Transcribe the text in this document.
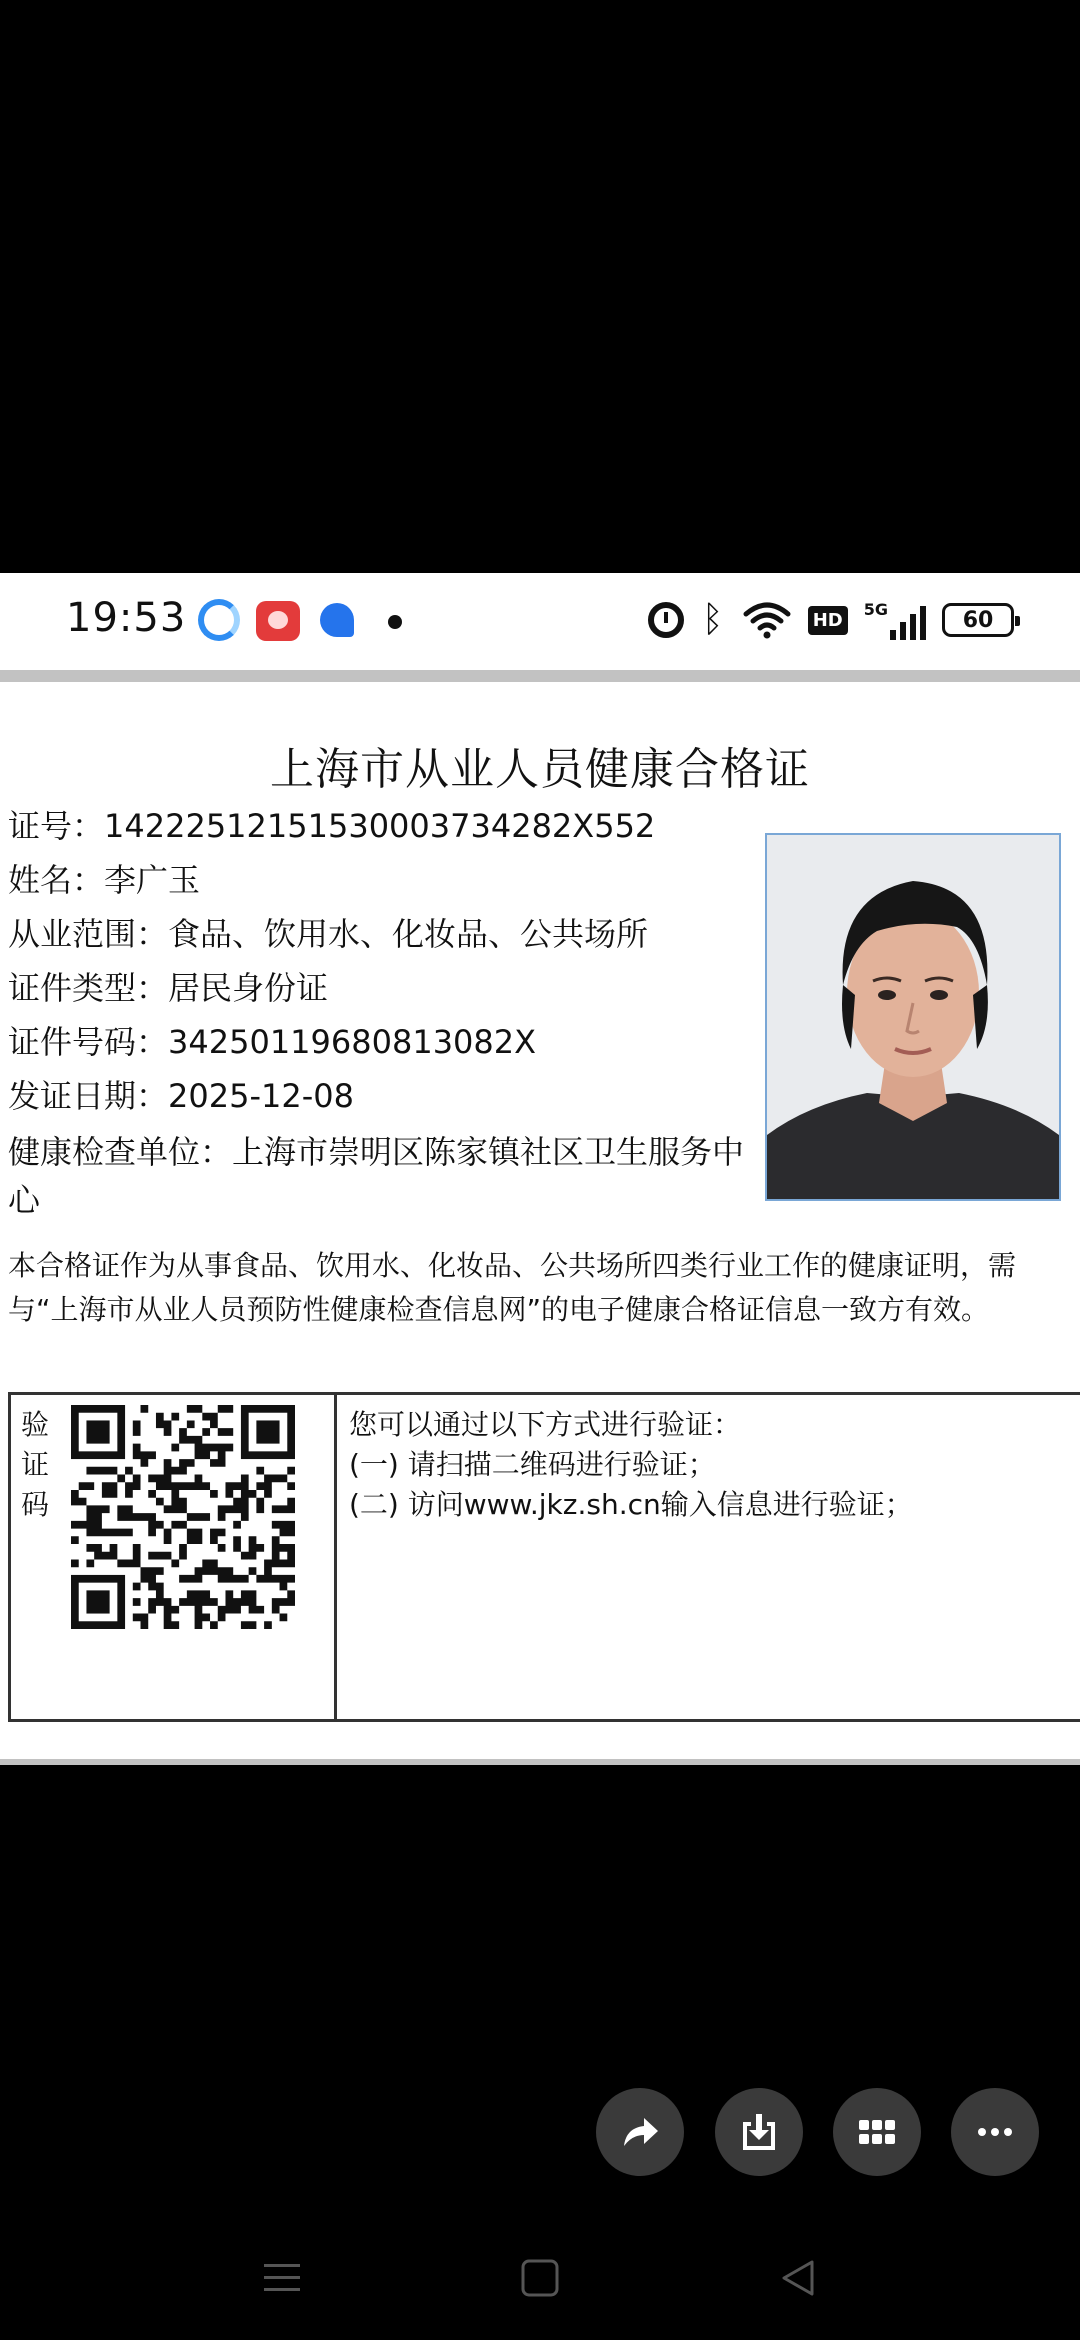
19:53	ᛒ	HD	5G	60
上海市从业人员健康合格证
证号：14222512151530003734282X552
姓名：李广玉
从业范围：食品、饮用水、化妆品、公共场所
证件类型：居民身份证
证件号码：34250119680813082X
发证日期：2025-12-08
健康检查单位：上海市崇明区陈家镇社区卫生服务中心
本合格证作为从事食品、饮用水、化妆品、公共场所四类行业工作的健康证明，需 与“上海市从业人员预防性健康检查信息网”的电子健康合格证信息一致方有效。
验
证
码
您可以通过以下方式进行验证：
(一) 请扫描二维码进行验证；
(二) 访问www.jkz.sh.cn输入信息进行验证；
